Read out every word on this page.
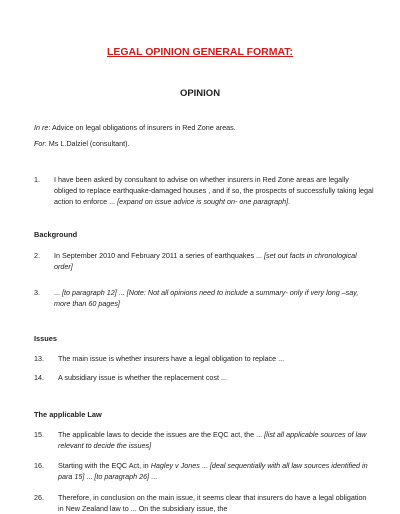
LEGAL OPINION GENERAL FORMAT:
OPINION
In re: Advice on legal obligations of insurers in Red Zone areas.
For: Ms L.Dalziel (consultant).
1.	I have been asked by consultant to advise on whether insurers in Red Zone areas are legally obliged to replace earthquake-damaged houses , and if so, the prospects of successfully taking legal action to enforce ... [expand on issue advice is sought on- one paragraph].
Background
2.	In September 2010 and February 2011 a series of earthquakes ... [set out facts in chronological order]
3.	... [to paragraph 12] ... [Note: Not all opinions need to include a summary- only if very long –say, more than 60 pages]
Issues
13.	The main issue is whether insurers have a legal obligation to replace ...
14.	A subsidiary issue is whether the replacement cost ...
The applicable Law
15.	The applicable laws to decide the issues are the EQC act, the ... [list all applicable sources of law relevant to decide the issues]
16.	Starting with the EQC Act, in Hagley v Jones ... [deal sequentially with all law sources identified in para 15] ... [to paragraph 26] ...
26.	Therefore, in conclusion on the main issue, it seems clear that insurers do have a legal obligation in New Zealand law to ... On the subsidiary issue, the
